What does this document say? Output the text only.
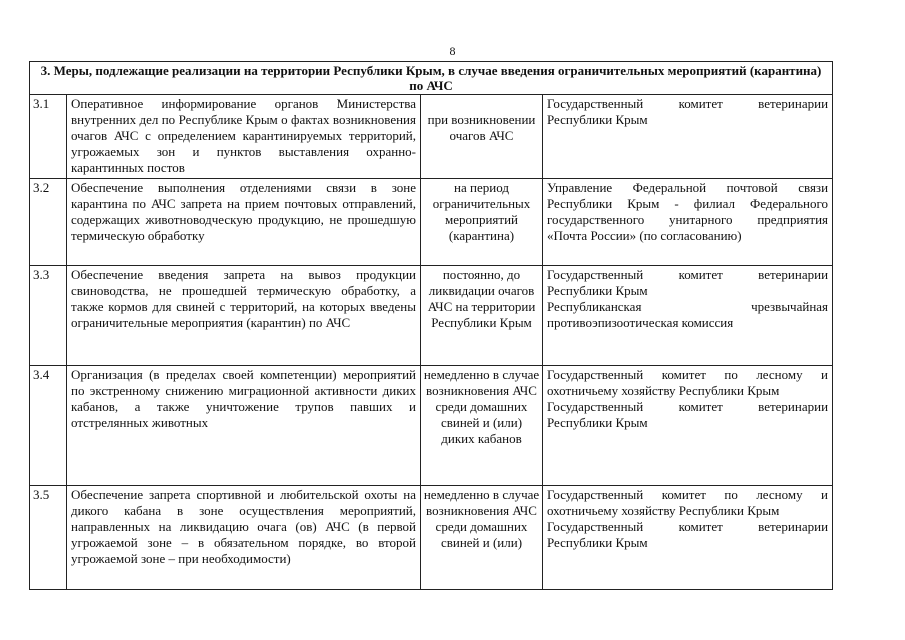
8
3. Меры, подлежащие реализации на территории Республики Крым, в случае введения ограничительных мероприятий (карантина) по АЧС			
3.1	Оперативное информирование органов Министерства внутренних дел по Республике Крым о фактах возникновения очагов АЧС с определением карантинируемых территорий, угрожаемых зон и пунктов выставления охранно-карантинных постов	при возникновении очагов АЧС	Государственный комитет ветеринарии Республики Крым

3.2	Обеспечение выполнения отделениями связи в зоне карантина по АЧС запрета на прием почтовых отправлений, содержащих животноводческую продукцию, не прошедшую термическую обработку	на период ограничительных мероприятий (карантина)	Управление Федеральной почтовой связи Республики Крым - филиал Федерального государственного унитарного предприятия «Почта России» (по согласованию)

3.3	Обеспечение введения запрета на вывоз продукции свиноводства, не прошедшей термическую обработку, а также кормов для свиней с территорий, на которых введены ограничительные мероприятия (карантин) по АЧС	постоянно, до ликвидации очагов АЧС на территории Республики Крым	Государственный комитет ветеринарии Республики Крым
Республиканская чрезвычайная противоэпизоотическая комиссия

3.4	Организация (в пределах своей компетенции) мероприятий по экстренному снижению миграционной активности диких кабанов, а также уничтожение трупов павших и отстрелянных животных	немедленно в случае возникновения АЧС среди домашних свиней и (или) диких кабанов	Государственный комитет по лесному и охотничьему хозяйству Республики Крым
Государственный комитет ветеринарии Республики Крым

3.5	Обеспечение запрета спортивной и любительской охоты на дикого кабана в зоне осуществления мероприятий, направленных на ликвидацию очага (ов) АЧС (в первой угрожаемой зоне – в обязательном порядке, во второй угрожаемой зоне – при необходимости)	немедленно в случае возникновения АЧС среди домашних свиней и (или)	Государственный комитет по лесному и охотничьему хозяйству Республики Крым
Государственный комитет ветеринарии Республики Крым
